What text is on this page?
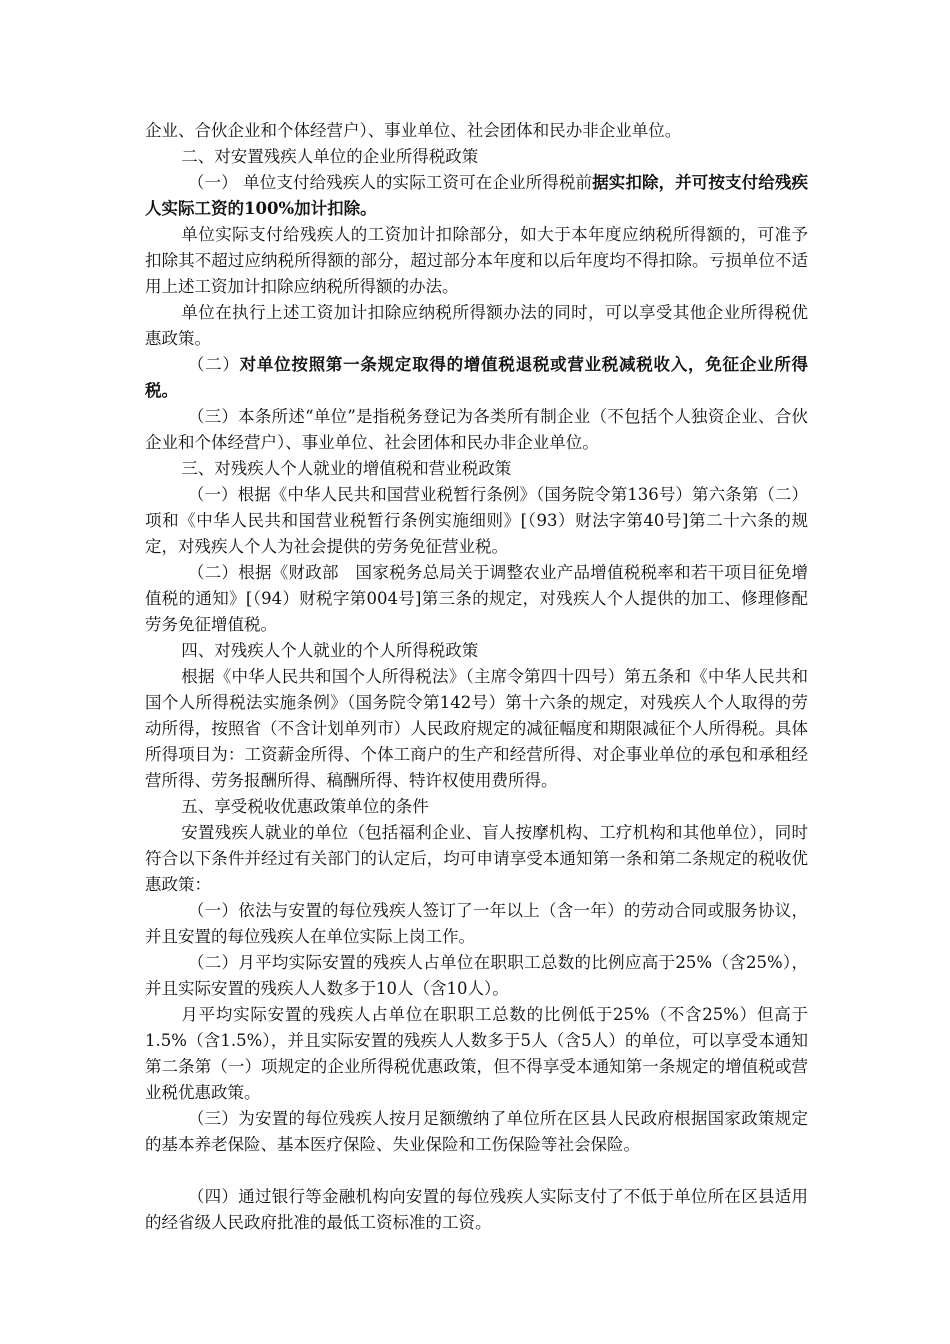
企业、合伙企业和个体经营户）、事业单位、社会团体和民办非企业单位。

二、对安置残疾人单位的企业所得税政策

（一） 单位支付给残疾人的实际工资可在企业所得税前据实扣除，并可按支付给残疾人实际工资的100%加计扣除。

单位实际支付给残疾人的工资加计扣除部分，如大于本年度应纳税所得额的，可准予扣除其不超过应纳税所得额的部分，超过部分本年度和以后年度均不得扣除。亏损单位不适用上述工资加计扣除应纳税所得额的办法。

单位在执行上述工资加计扣除应纳税所得额办法的同时，可以享受其他企业所得税优惠政策。

（二）对单位按照第一条规定取得的增值税退税或营业税减税收入，免征企业所得税。

（三）本条所述“单位”是指税务登记为各类所有制企业（不包括个人独资企业、合伙企业和个体经营户）、事业单位、社会团体和民办非企业单位。

三、对残疾人个人就业的增值税和营业税政策

（一）根据《中华人民共和国营业税暂行条例》（国务院令第136号）第六条第（二）项和《中华人民共和国营业税暂行条例实施细则》[（93）财法字第40号]第二十六条的规定，对残疾人个人为社会提供的劳务免征营业税。

（二）根据《财政部　国家税务总局关于调整农业产品增值税税率和若干项目征免增值税的通知》[（94）财税字第004号]第三条的规定，对残疾人个人提供的加工、修理修配劳务免征增值税。

四、对残疾人个人就业的个人所得税政策

根据《中华人民共和国个人所得税法》（主席令第四十四号）第五条和《中华人民共和国个人所得税法实施条例》（国务院令第142号）第十六条的规定，对残疾人个人取得的劳动所得，按照省（不含计划单列市）人民政府规定的减征幅度和期限减征个人所得税。具体所得项目为：工资薪金所得、个体工商户的生产和经营所得、对企事业单位的承包和承租经营所得、劳务报酬所得、稿酬所得、特许权使用费所得。

五、享受税收优惠政策单位的条件

安置残疾人就业的单位（包括福利企业、盲人按摩机构、工疗机构和其他单位），同时符合以下条件并经过有关部门的认定后，均可申请享受本通知第一条和第二条规定的税收优惠政策：

（一）依法与安置的每位残疾人签订了一年以上（含一年）的劳动合同或服务协议，并且安置的每位残疾人在单位实际上岗工作。

（二）月平均实际安置的残疾人占单位在职职工总数的比例应高于25%（含25%），并且实际安置的残疾人人数多于10人（含10人）。

月平均实际安置的残疾人占单位在职职工总数的比例低于25%（不含25%）但高于1.5%（含1.5%），并且实际安置的残疾人人数多于5人（含5人）的单位，可以享受本通知第二条第（一）项规定的企业所得税优惠政策，但不得享受本通知第一条规定的增值税或营业税优惠政策。

（三）为安置的每位残疾人按月足额缴纳了单位所在区县人民政府根据国家政策规定的基本养老保险、基本医疗保险、失业保险和工伤保险等社会保险。

（四）通过银行等金融机构向安置的每位残疾人实际支付了不低于单位所在区县适用的经省级人民政府批准的最低工资标准的工资。
